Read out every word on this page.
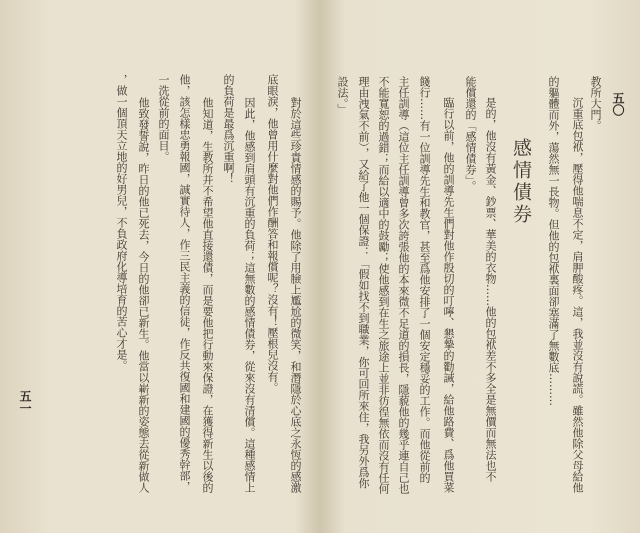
對於這些珍貴情感的賜予。他除了用臉上尷尬的微笑，和潛隱於心底之永恆的感激
底眼淚，他曾用什麼對他們作酬答和報償呢？沒有！壓根兒沒有。
因此，他感到肩頭有沉重的負荷；這無數的感情債券，從來沒有清償。這種感情上
的負荷是最爲沉重啊！
他知道，生教所并不希望他直接還債，而是要他把行動來保證，在獲得新生以後的
他，該怎樣忠勇報國，誠實待人，作三民主義的信徒，作反共復國和建國的優秀幹部，
一洗從前的面目。
他致發誓說，昨日的他已死去，今日的他卻已新生。他當以嶄新的姿態去從新做人
，做一個頂天立地的好男兒，不負政府化導培育的苦心才是。
五一
五〇
教所大門。
沉重底包袱，壓得他喘息不定，肩胛酸疼。這，我並沒有說謊。雖然他除父母給他
的軀體而外，蕩然無一長物。但他的包袱裏面卻塞滿了無數底………
感情債券
是的，他沒有黃金、鈔票、華美的衣物……他的包袱差不多全是無價而無法也不
能償還的「感情債券」。
臨行以前，他的訓導先生們對他作殷切的叮嚀、懇摯的勸誡，給他路費、爲他買菜
餞行……有一位訓導先生和教官，甚至爲他安排了一個安定穩妥的工作。而他從前的
主任訓導（這位主任訓導曾多次誇張他的本來微不足道的損長，隱藐他的幾乎連自己也
不能寬恕的過錯；而給以適中的鼓勵；使他感到在生之旅途上並非彷徨無依而沒有任何
理由洩氣不前），又給了他一個保證：「假如找不到職業，你可回所來住，我另外爲你
設法。」
